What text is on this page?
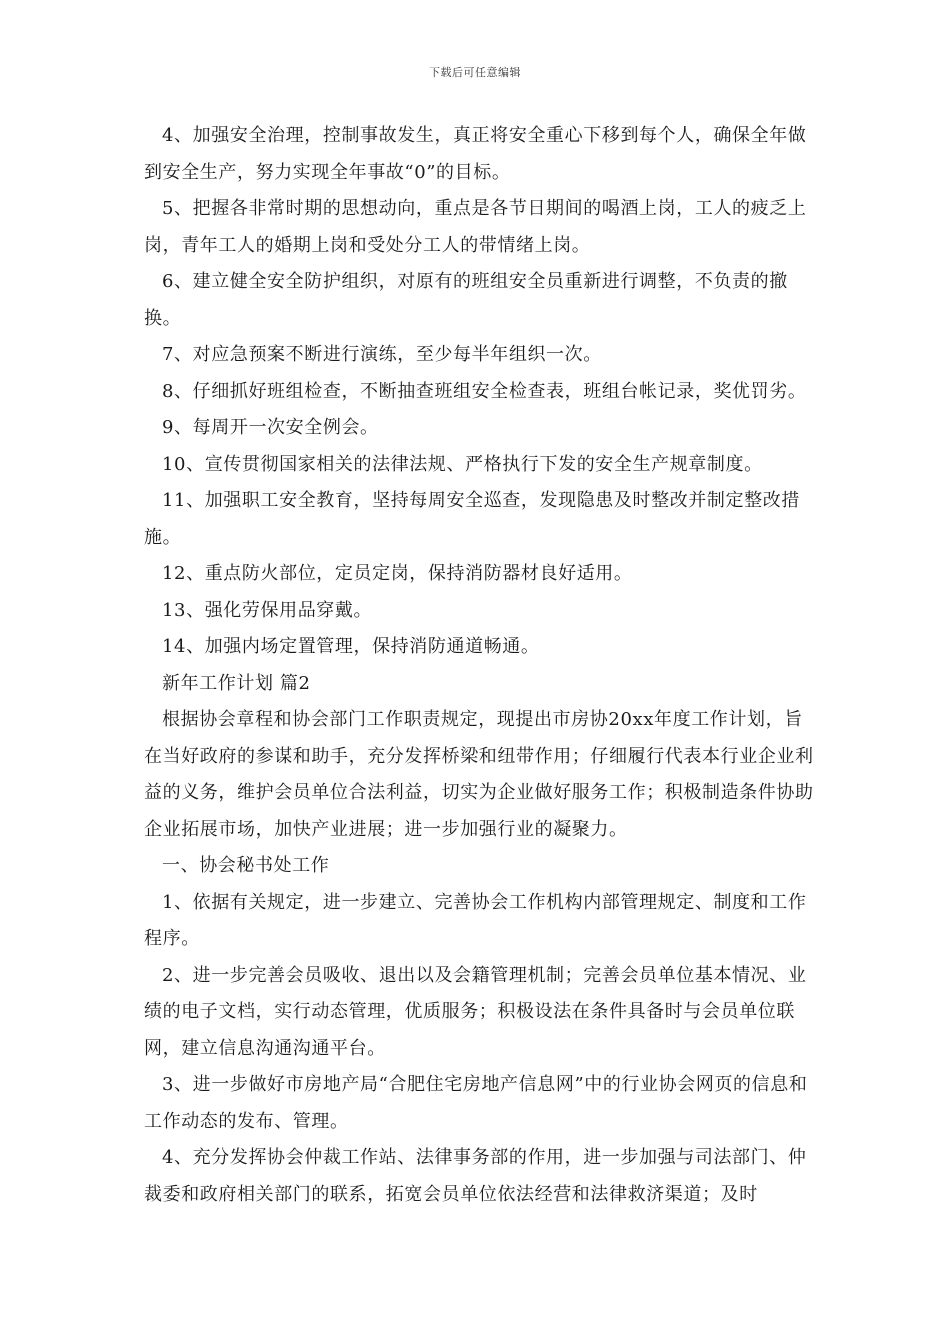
下载后可任意编辑

4、加强安全治理，控制事故发生，真正将安全重心下移到每个人，确保全年做到安全生产，努力实现全年事故“0”的目标。

5、把握各非常时期的思想动向，重点是各节日期间的喝酒上岗，工人的疲乏上岗，青年工人的婚期上岗和受处分工人的带情绪上岗。

6、建立健全安全防护组织，对原有的班组安全员重新进行调整，不负责的撤换。

7、对应急预案不断进行演练，至少每半年组织一次。

8、仔细抓好班组检查，不断抽查班组安全检查表，班组台帐记录，奖优罚劣。

9、每周开一次安全例会。

10、宣传贯彻国家相关的法律法规、严格执行下发的安全生产规章制度。

11、加强职工安全教育，坚持每周安全巡查，发现隐患及时整改并制定整改措施。

12、重点防火部位，定员定岗，保持消防器材良好适用。

13、强化劳保用品穿戴。

14、加强内场定置管理，保持消防通道畅通。

新年工作计划 篇2

根据协会章程和协会部门工作职责规定，现提出市房协20xx年度工作计划，旨在当好政府的参谋和助手，充分发挥桥梁和纽带作用；仔细履行代表本行业企业利益的义务，维护会员单位合法利益，切实为企业做好服务工作；积极制造条件协助企业拓展市场，加快产业进展；进一步加强行业的凝聚力。

一、协会秘书处工作

1、依据有关规定，进一步建立、完善协会工作机构内部管理规定、制度和工作程序。

2、进一步完善会员吸收、退出以及会籍管理机制；完善会员单位基本情况、业绩的电子文档，实行动态管理，优质服务；积极设法在条件具备时与会员单位联网，建立信息沟通沟通平台。

3、进一步做好市房地产局“合肥住宅房地产信息网”中的行业协会网页的信息和工作动态的发布、管理。

4、充分发挥协会仲裁工作站、法律事务部的作用，进一步加强与司法部门、仲裁委和政府相关部门的联系，拓宽会员单位依法经营和法律救济渠道；及时
